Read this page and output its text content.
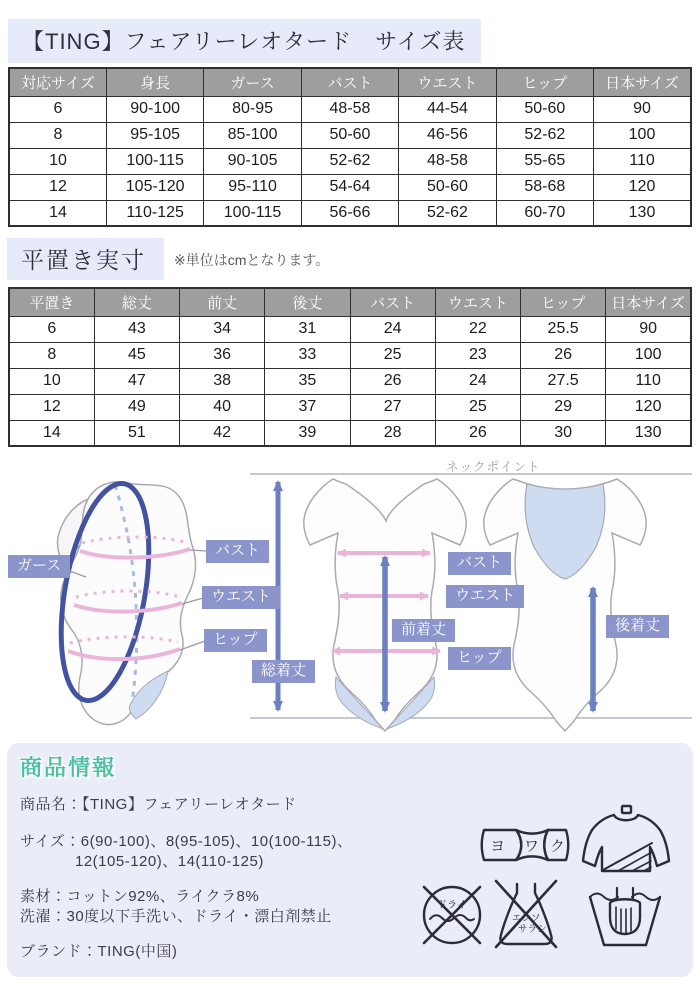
【TING】フェアリーレオタード　サイズ表
対応サイズ	身長	ガース	バスト	ウエスト	ヒップ	日本サイズ
6	90-100	80-95	48-58	44-54	50-60	90
8	95-105	85-100	50-60	46-56	52-62	100
10	100-115	90-105	52-62	48-58	55-65	110
12	105-120	95-110	54-64	50-60	58-68	120
14	110-125	100-115	56-66	52-62	60-70	130
平置き実寸	※単位はcmとなります。
平置き	総丈	前丈	後丈	バスト	ウエスト	ヒップ	日本サイズ
6	43	34	31	24	22	25.5	90
8	45	36	33	25	23	26	100
10	47	38	35	26	24	27.5	110
12	49	40	37	27	25	29	120
14	51	42	39	28	26	30	130
ネックポイント
ガース
バスト
ウエスト
ヒップ
総着丈
バスト
ウエスト
前着丈
ヒップ
後着丈
商品情報
商品名：【TING】フェアリーレオタード
サイズ：6(90-100)、8(95-105)、10(100-115)、
12(105-120)、14(110-125)
素材：コットン92%、ライクラ8%
洗濯：30度以下手洗い、ドライ・漂白剤禁止
ブランド：TING(中国)
ヨ ワ ク
ドライ
エンソ
サラシ
